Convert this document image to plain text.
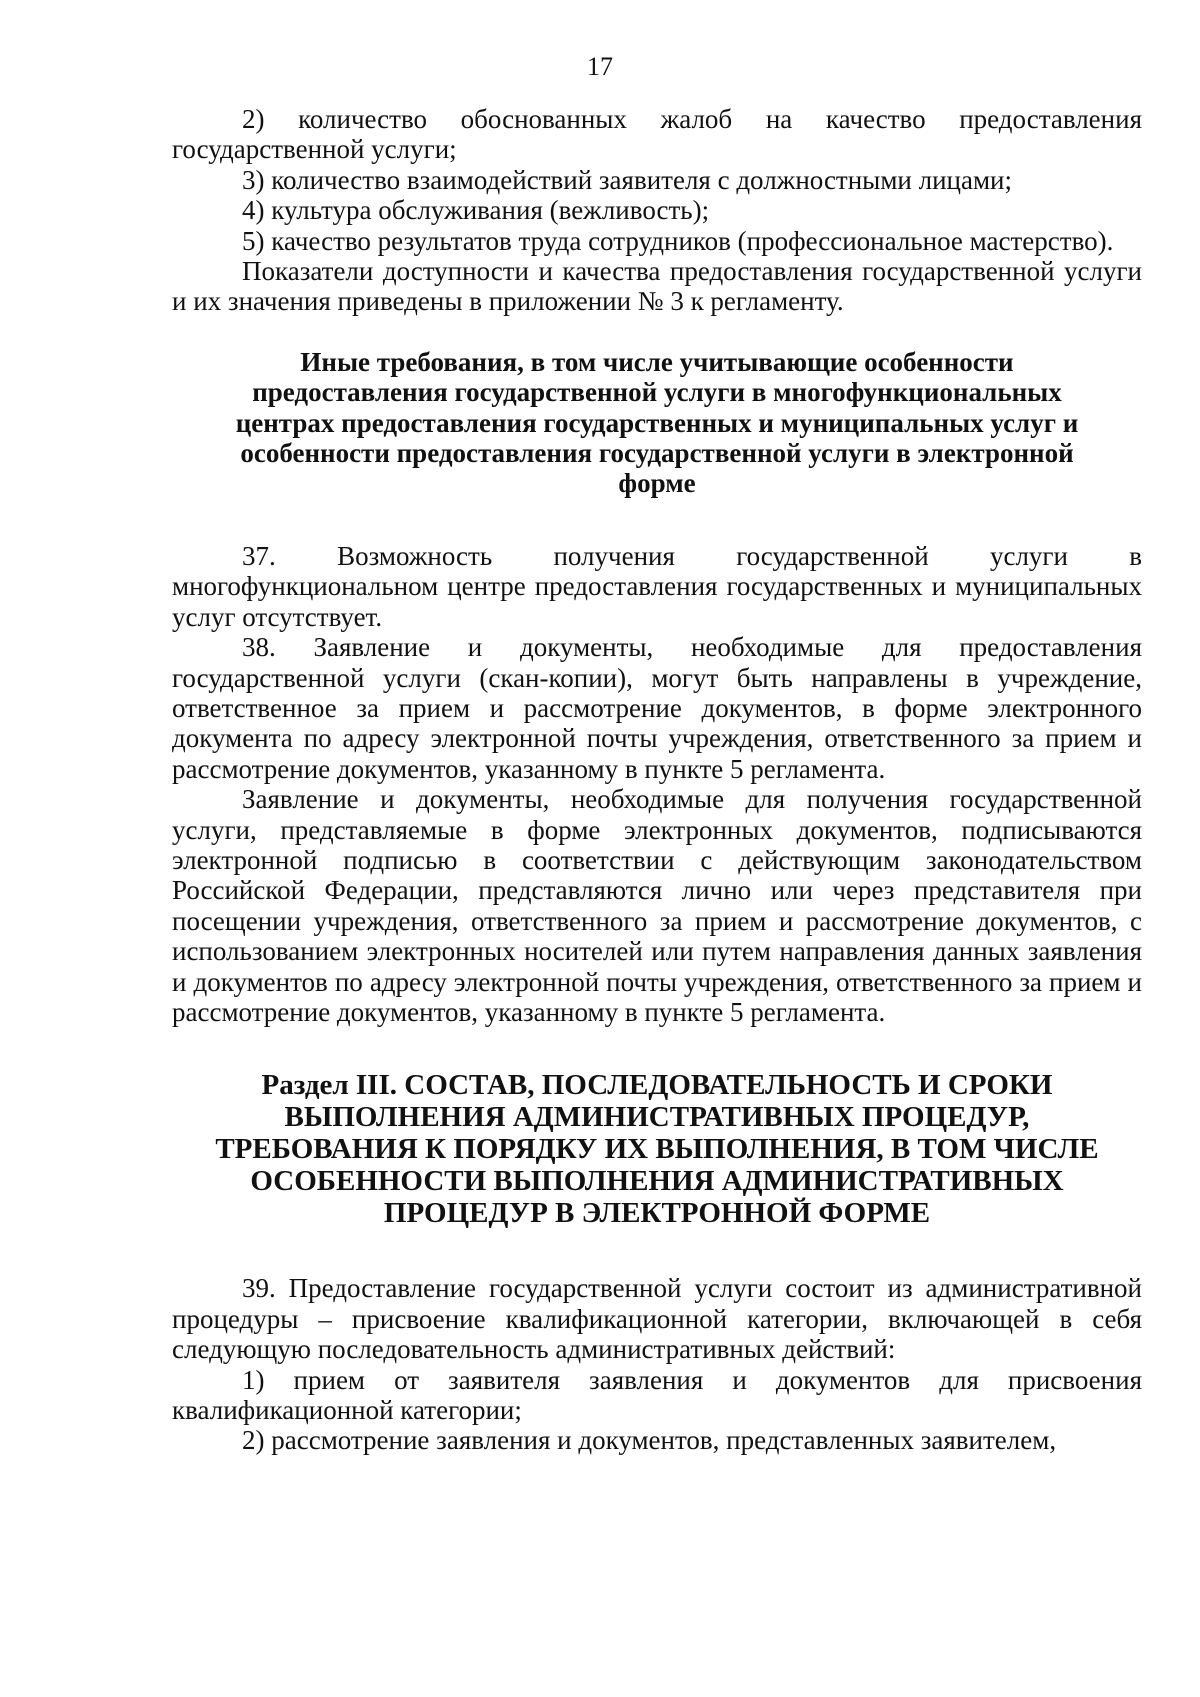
17

2) количество обоснованных жалоб на качество предоставления государственной услуги;

3) количество взаимодействий заявителя с должностными лицами;

4) культура обслуживания (вежливость);

5) качество результатов труда сотрудников (профессиональное мастерство).

Показатели доступности и качества предоставления государственной услуги и их значения приведены в приложении № 3 к регламенту.

Иные требования, в том числе учитывающие особенности предоставления государственной услуги в многофункциональных центрах предоставления государственных и муниципальных услуг и особенности предоставления государственной услуги в электронной форме

37. Возможность получения государственной услуги в многофункциональном центре предоставления государственных и муниципальных услуг отсутствует.

38. Заявление и документы, необходимые для предоставления государственной услуги (скан-копии), могут быть направлены в учреждение, ответственное за прием и рассмотрение документов, в форме электронного документа по адресу электронной почты учреждения, ответственного за прием и рассмотрение документов, указанному в пункте 5 регламента.

Заявление и документы, необходимые для получения государственной услуги, представляемые в форме электронных документов, подписываются электронной подписью в соответствии с действующим законодательством Российской Федерации, представляются лично или через представителя при посещении учреждения, ответственного за прием и рассмотрение документов, с использованием электронных носителей или путем направления данных заявления и документов по адресу электронной почты учреждения, ответственного за прием и рассмотрение документов, указанному в пункте 5 регламента.

Раздел III. СОСТАВ, ПОСЛЕДОВАТЕЛЬНОСТЬ И СРОКИ ВЫПОЛНЕНИЯ АДМИНИСТРАТИВНЫХ ПРОЦЕДУР, ТРЕБОВАНИЯ К ПОРЯДКУ ИХ ВЫПОЛНЕНИЯ, В ТОМ ЧИСЛЕ ОСОБЕННОСТИ ВЫПОЛНЕНИЯ АДМИНИСТРАТИВНЫХ ПРОЦЕДУР В ЭЛЕКТРОННОЙ ФОРМЕ

39. Предоставление государственной услуги состоит из административной процедуры – присвоение квалификационной категории, включающей в себя следующую последовательность административных действий:

1) прием от заявителя заявления и документов для присвоения квалификационной категории;

2) рассмотрение заявления и документов, представленных заявителем,
